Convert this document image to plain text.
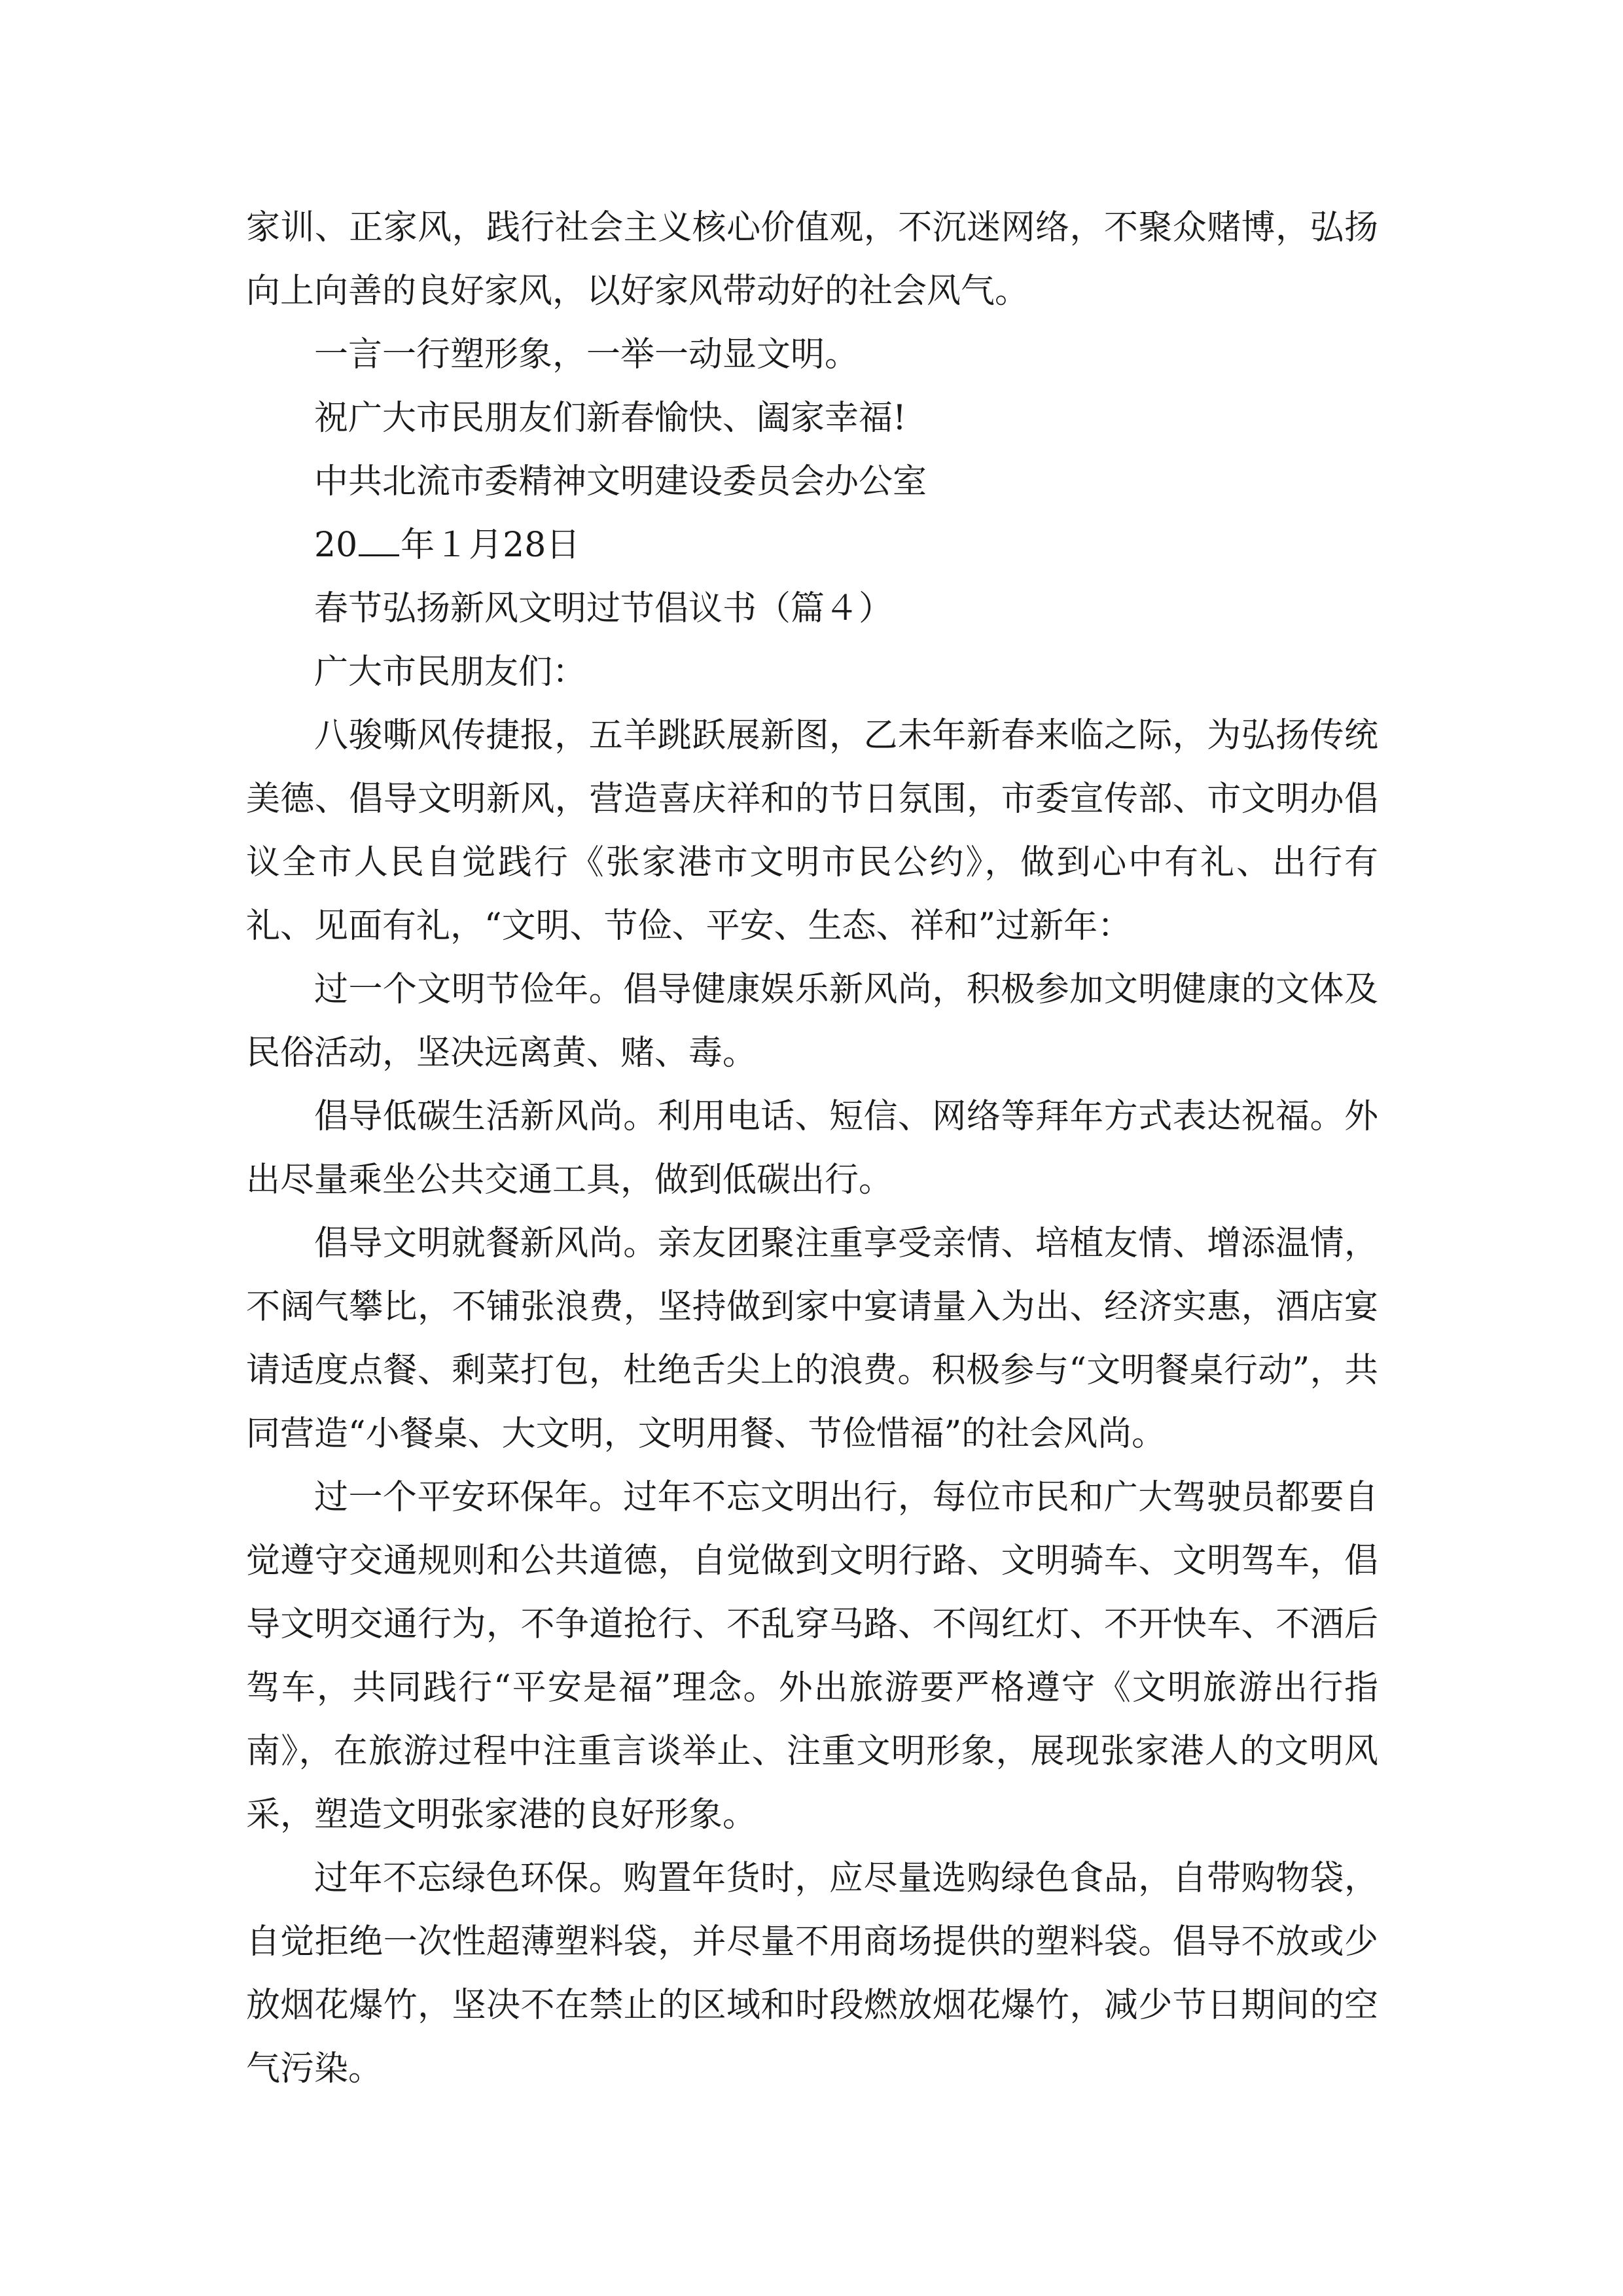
家训、正家风，践行社会主义核心价值观，不沉迷网络，不聚众赌博，弘扬向上向善的良好家风，以好家风带动好的社会风气。

一言一行塑形象，一举一动显文明。

祝广大市民朋友们新春愉快、阖家幸福!

中共北流市委精神文明建设委员会办公室

20 年１月28日

春节弘扬新风文明过节倡议书（篇４）

广大市民朋友们：

八骏嘶风传捷报，五羊跳跃展新图，乙未年新春来临之际，为弘扬传统美德、倡导文明新风，营造喜庆祥和的节日氛围，市委宣传部、市文明办倡议全市人民自觉践行《张家港市文明市民公约》，做到心中有礼、出行有礼、见面有礼，“文明、节俭、平安、生态、祥和”过新年：

过一个文明节俭年。倡导健康娱乐新风尚，积极参加文明健康的文体及民俗活动，坚决远离黄、赌、毒。

倡导低碳生活新风尚。利用电话、短信、网络等拜年方式表达祝福。外出尽量乘坐公共交通工具，做到低碳出行。

倡导文明就餐新风尚。亲友团聚注重享受亲情、培植友情、增添温情，不阔气攀比，不铺张浪费，坚持做到家中宴请量入为出、经济实惠，酒店宴请适度点餐、剩菜打包，杜绝舌尖上的浪费。积极参与“文明餐桌行动”，共同营造“小餐桌、大文明，文明用餐、节俭惜福”的社会风尚。

过一个平安环保年。过年不忘文明出行，每位市民和广大驾驶员都要自觉遵守交通规则和公共道德，自觉做到文明行路、文明骑车、文明驾车，倡导文明交通行为，不争道抢行、不乱穿马路、不闯红灯、不开快车、不酒后驾车，共同践行“平安是福”理念。外出旅游要严格遵守《文明旅游出行指南》，在旅游过程中注重言谈举止、注重文明形象，展现张家港人的文明风采，塑造文明张家港的良好形象。

过年不忘绿色环保。购置年货时，应尽量选购绿色食品，自带购物袋，自觉拒绝一次性超薄塑料袋，并尽量不用商场提供的塑料袋。倡导不放或少放烟花爆竹，坚决不在禁止的区域和时段燃放烟花爆竹，减少节日期间的空气污染。
